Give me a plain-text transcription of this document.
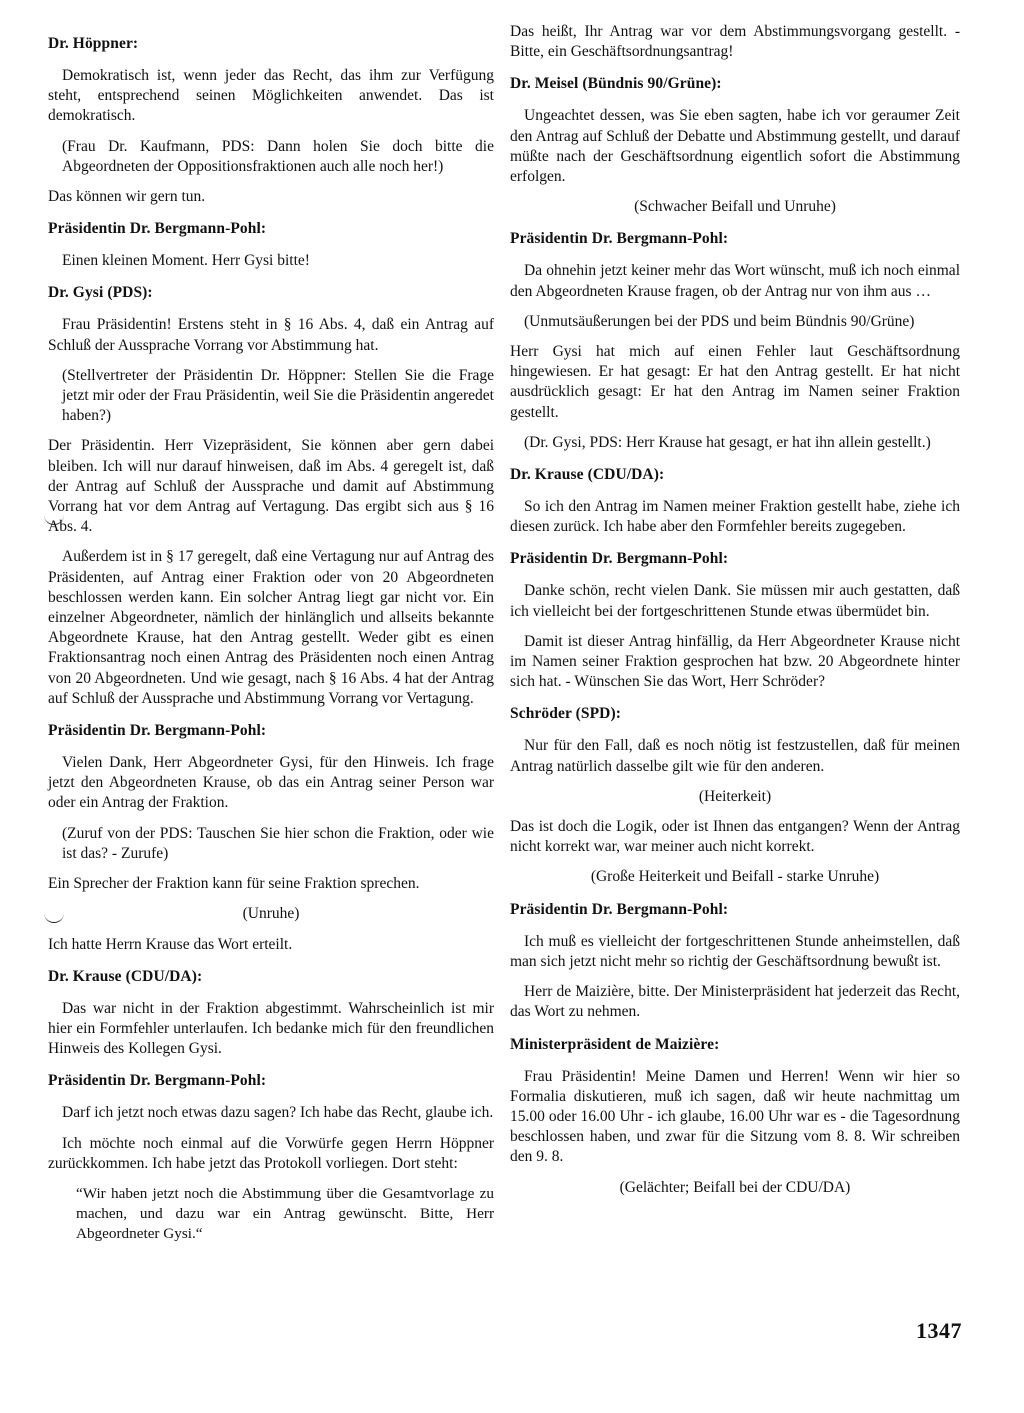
Dr. Höppner:

Demokratisch ist, wenn jeder das Recht, das ihm zur Verfügung steht, entsprechend seinen Möglichkeiten anwendet. Das ist demokratisch.

(Frau Dr. Kaufmann, PDS: Dann holen Sie doch bitte die Abgeordneten der Oppositionsfraktionen auch alle noch her!)

Das können wir gern tun.

Präsidentin Dr. Bergmann-Pohl:

Einen kleinen Moment. Herr Gysi bitte!

Dr. Gysi (PDS):

Frau Präsidentin! Erstens steht in § 16 Abs. 4, daß ein Antrag auf Schluß der Aussprache Vorrang vor Abstimmung hat.

(Stellvertreter der Präsidentin Dr. Höppner: Stellen Sie die Frage jetzt mir oder der Frau Präsidentin, weil Sie die Präsidentin angeredet haben?)

Der Präsidentin. Herr Vizepräsident, Sie können aber gern dabei bleiben. Ich will nur darauf hinweisen, daß im Abs. 4 geregelt ist, daß der Antrag auf Schluß der Aussprache und damit auf Abstimmung Vorrang hat vor dem Antrag auf Vertagung. Das ergibt sich aus § 16 Abs. 4.

Außerdem ist in § 17 geregelt, daß eine Vertagung nur auf Antrag des Präsidenten, auf Antrag einer Fraktion oder von 20 Abgeordneten beschlossen werden kann. Ein solcher Antrag liegt gar nicht vor. Ein einzelner Abgeordneter, nämlich der hinlänglich und allseits bekannte Abgeordnete Krause, hat den Antrag gestellt. Weder gibt es einen Fraktionsantrag noch einen Antrag des Präsidenten noch einen Antrag von 20 Abgeordneten. Und wie gesagt, nach § 16 Abs. 4 hat der Antrag auf Schluß der Aussprache und Abstimmung Vorrang vor Vertagung.

Präsidentin Dr. Bergmann-Pohl:

Vielen Dank, Herr Abgeordneter Gysi, für den Hinweis. Ich frage jetzt den Abgeordneten Krause, ob das ein Antrag seiner Person war oder ein Antrag der Fraktion.

(Zuruf von der PDS: Tauschen Sie hier schon die Fraktion, oder wie ist das? - Zurufe)

Ein Sprecher der Fraktion kann für seine Fraktion sprechen.

(Unruhe)

Ich hatte Herrn Krause das Wort erteilt.

Dr. Krause (CDU/DA):

Das war nicht in der Fraktion abgestimmt. Wahrscheinlich ist mir hier ein Formfehler unterlaufen. Ich bedanke mich für den freundlichen Hinweis des Kollegen Gysi.

Präsidentin Dr. Bergmann-Pohl:

Darf ich jetzt noch etwas dazu sagen? Ich habe das Recht, glaube ich.

Ich möchte noch einmal auf die Vorwürfe gegen Herrn Höppner zurückkommen. Ich habe jetzt das Protokoll vorliegen. Dort steht:

“Wir haben jetzt noch die Abstimmung über die Gesamtvorlage zu machen, und dazu war ein Antrag gewünscht. Bitte, Herr Abgeordneter Gysi.“

Das heißt, Ihr Antrag war vor dem Abstimmungsvorgang gestellt. - Bitte, ein Geschäftsordnungsantrag!

Dr. Meisel (Bündnis 90/Grüne):

Ungeachtet dessen, was Sie eben sagten, habe ich vor geraumer Zeit den Antrag auf Schluß der Debatte und Abstimmung gestellt, und darauf müßte nach der Geschäftsordnung eigentlich sofort die Abstimmung erfolgen.

(Schwacher Beifall und Unruhe)

Präsidentin Dr. Bergmann-Pohl:

Da ohnehin jetzt keiner mehr das Wort wünscht, muß ich noch einmal den Abgeordneten Krause fragen, ob der Antrag nur von ihm aus …

(Unmutsäußerungen bei der PDS und beim Bündnis 90/Grüne)

Herr Gysi hat mich auf einen Fehler laut Geschäftsordnung hingewiesen. Er hat gesagt: Er hat den Antrag gestellt. Er hat nicht ausdrücklich gesagt: Er hat den Antrag im Namen seiner Fraktion gestellt.

(Dr. Gysi, PDS: Herr Krause hat gesagt, er hat ihn allein gestellt.)

Dr. Krause (CDU/DA):

So ich den Antrag im Namen meiner Fraktion gestellt habe, ziehe ich diesen zurück. Ich habe aber den Formfehler bereits zugegeben.

Präsidentin Dr. Bergmann-Pohl:

Danke schön, recht vielen Dank. Sie müssen mir auch gestatten, daß ich vielleicht bei der fortgeschrittenen Stunde etwas übermüdet bin.

Damit ist dieser Antrag hinfällig, da Herr Abgeordneter Krause nicht im Namen seiner Fraktion gesprochen hat bzw. 20 Abgeordnete hinter sich hat. - Wünschen Sie das Wort, Herr Schröder?

Schröder (SPD):

Nur für den Fall, daß es noch nötig ist festzustellen, daß für meinen Antrag natürlich dasselbe gilt wie für den anderen.

(Heiterkeit)

Das ist doch die Logik, oder ist Ihnen das entgangen? Wenn der Antrag nicht korrekt war, war meiner auch nicht korrekt.

(Große Heiterkeit und Beifall - starke Unruhe)

Präsidentin Dr. Bergmann-Pohl:

Ich muß es vielleicht der fortgeschrittenen Stunde anheimstellen, daß man sich jetzt nicht mehr so richtig der Geschäftsordnung bewußt ist.

Herr de Maizière, bitte. Der Ministerpräsident hat jederzeit das Recht, das Wort zu nehmen.

Ministerpräsident de Maizière:

Frau Präsidentin! Meine Damen und Herren! Wenn wir hier so Formalia diskutieren, muß ich sagen, daß wir heute nachmittag um 15.00 oder 16.00 Uhr - ich glaube, 16.00 Uhr war es - die Tagesordnung beschlossen haben, und zwar für die Sitzung vom 8. 8. Wir schreiben den 9. 8.

(Gelächter; Beifall bei der CDU/DA)

1347
